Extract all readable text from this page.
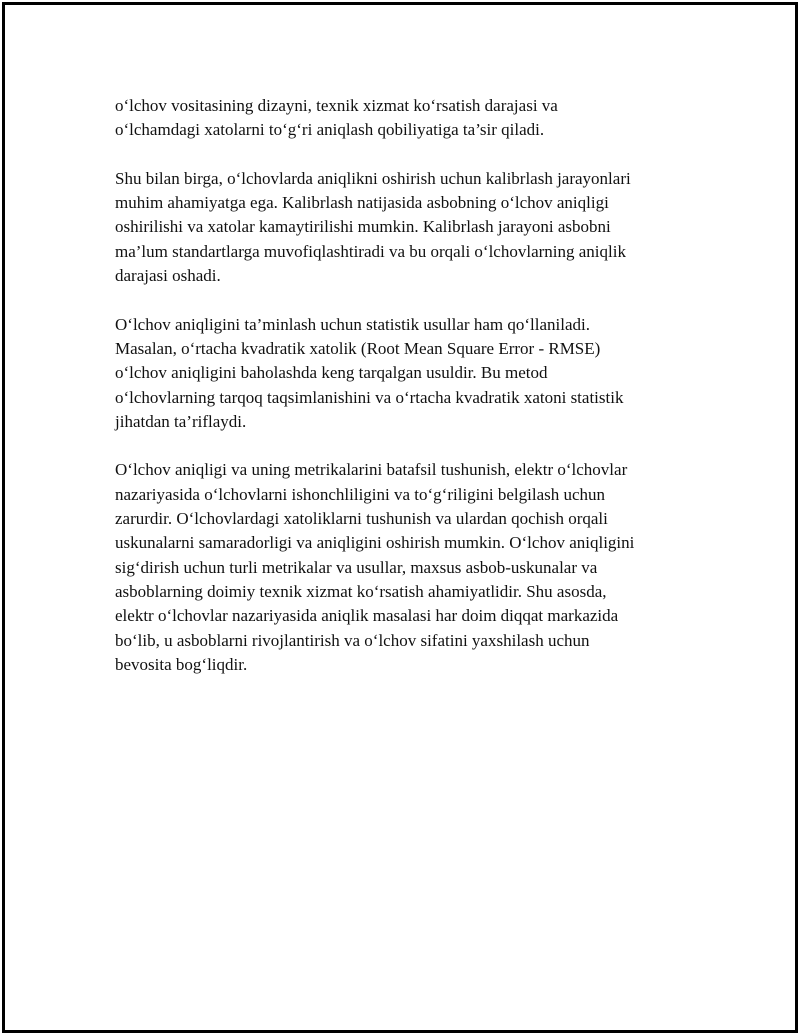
o‘lchov vositasining dizayni, texnik xizmat ko‘rsatish darajasi va
o‘lchamdagi xatolarni to‘g‘ri aniqlash qobiliyatiga ta’sir qiladi.

Shu bilan birga, o‘lchovlarda aniqlikni oshirish uchun kalibrlash jarayonlari
muhim ahamiyatga ega. Kalibrlash natijasida asbobning o‘lchov aniqligi
oshirilishi va xatolar kamaytirilishi mumkin. Kalibrlash jarayoni asbobni
ma’lum standartlarga muvofiqlashtiradi va bu orqali o‘lchovlarning aniqlik
darajasi oshadi.

O‘lchov aniqligini ta’minlash uchun statistik usullar ham qo‘llaniladi.
Masalan, o‘rtacha kvadratik xatolik (Root Mean Square Error - RMSE)
o‘lchov aniqligini baholashda keng tarqalgan usuldir. Bu metod
o‘lchovlarning tarqoq taqsimlanishini va o‘rtacha kvadratik xatoni statistik
jihatdan ta’riflaydi.

O‘lchov aniqligi va uning metrikalarini batafsil tushunish, elektr o‘lchovlar
nazariyasida o‘lchovlarni ishonchliligini va to‘g‘riligini belgilash uchun
zarurdir. O‘lchovlardagi xatoliklarni tushunish va ulardan qochish orqali
uskunalarni samaradorligi va aniqligini oshirish mumkin. O‘lchov aniqligini
sig‘dirish uchun turli metrikalar va usullar, maxsus asbob-uskunalar va
asboblarning doimiy texnik xizmat ko‘rsatish ahamiyatlidir. Shu asosda,
elektr o‘lchovlar nazariyasida aniqlik masalasi har doim diqqat markazida
bo‘lib, u asboblarni rivojlantirish va o‘lchov sifatini yaxshilash uchun
bevosita bog‘liqdir.
